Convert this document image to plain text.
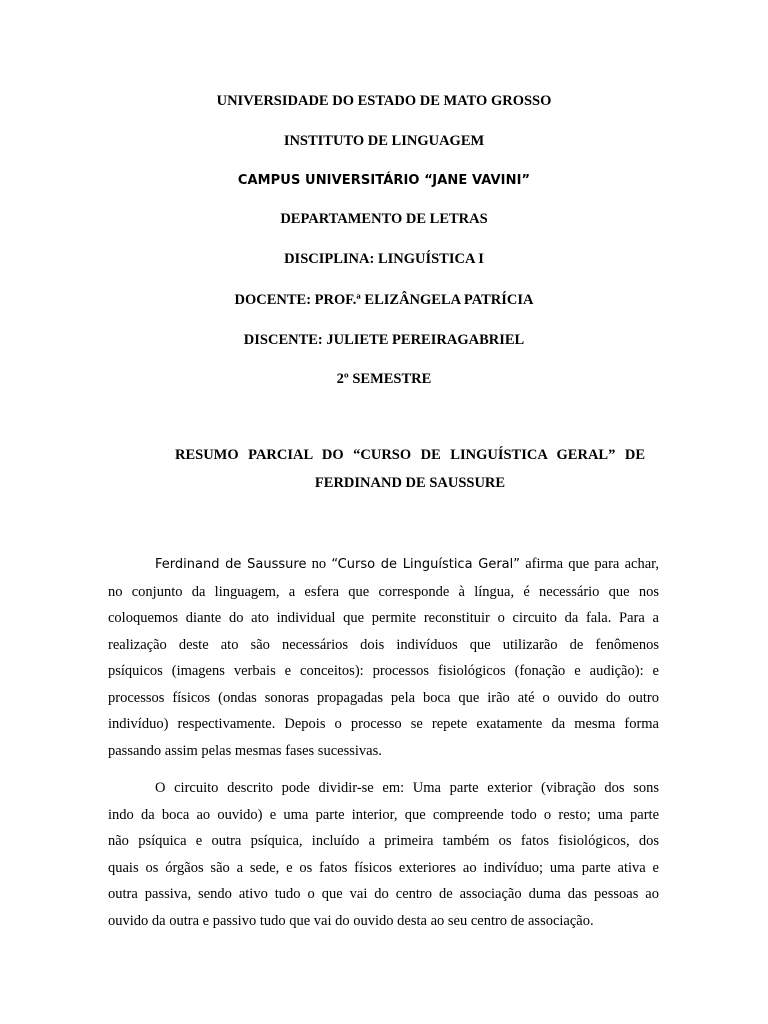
UNIVERSIDADE DO ESTADO DE MATO GROSSO
INSTITUTO DE LINGUAGEM
CAMPUS UNIVERSITÁRIO “JANE VAVINI”
DEPARTAMENTO DE LETRAS
DISCIPLINA: LINGUÍSTICA I
DOCENTE: PROF.ª ELIZÂNGELA PATRÍCIA
DISCENTE: JULIETE PEREIRAGABRIEL
2º SEMESTRE
RESUMO PARCIAL DO “CURSO DE LINGUÍSTICA GERAL” DE
FERDINAND DE SAUSSURE
Ferdinand de Saussure no “Curso de Linguística Geral” afirma que para achar,
no conjunto da linguagem, a esfera que corresponde à língua, é necessário que nos
coloquemos diante do ato individual que permite reconstituir o circuito da fala. Para a
realização deste ato são necessários dois indivíduos que utilizarão de fenômenos
psíquicos (imagens verbais e conceitos): processos fisiológicos (fonação e audição): e
processos físicos (ondas sonoras propagadas pela boca que irão até o ouvido do outro
indivíduo) respectivamente. Depois o processo se repete exatamente da mesma forma
passando assim pelas mesmas fases sucessivas.
O circuito descrito pode dividir-se em: Uma parte exterior (vibração dos sons
indo da boca ao ouvido) e uma parte interior, que compreende todo o resto; uma parte
não psíquica e outra psíquica, incluído a primeira também os fatos fisiológicos, dos
quais os órgãos são a sede, e os fatos físicos exteriores ao indivíduo; uma parte ativa e
outra passiva, sendo ativo tudo o que vai do centro de associação duma das pessoas ao
ouvido da outra e passivo tudo que vai do ouvido desta ao seu centro de associação.
